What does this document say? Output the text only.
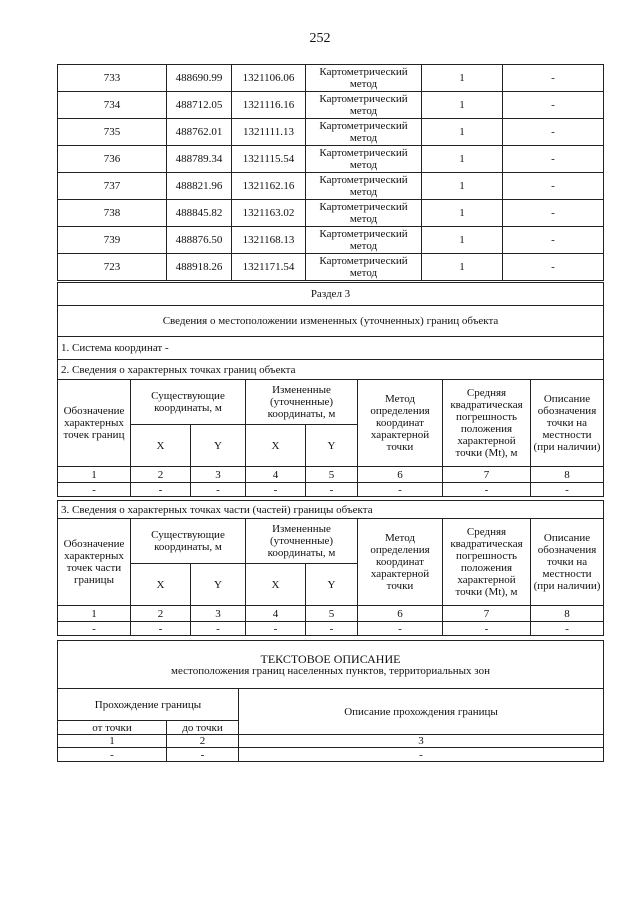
252
733	488690.99	1321106.06	Картометрический метод	1	-
734	488712.05	1321116.16	Картометрический метод	1	-
735	488762.01	1321111.13	Картометрический метод	1	-
736	488789.34	1321115.54	Картометрический метод	1	-
737	488821.96	1321162.16	Картометрический метод	1	-
738	488845.82	1321163.02	Картометрический метод	1	-
739	488876.50	1321168.13	Картометрический метод	1	-
723	488918.26	1321171.54	Картометрический метод	1	-
Раздел 3							
Сведения о местоположении измененных (уточненных) границ объекта							
1. Система координат -							
2. Сведения о характерных точках границ объекта							
Обозначение характерных точек границ	Существующие координаты, м		Измененные (уточненные) координаты, м		Метод определения координат характерной точки	Средняя квадратическая погрешность положения характерной точки (Mt), м	Описание обозначения точки на местности (при наличии)
	X	Y	X	Y			
1	2	3	4	5	6	7	8
-	-	-	-	-	-	-	-
3. Сведения о характерных точках части (частей) границы объекта							
Обозначение характерных точек части границы	Существующие координаты, м		Измененные (уточненные) координаты, м		Метод определения координат характерной точки	Средняя квадратическая погрешность положения характерной точки (Mt), м	Описание обозначения точки на местности (при наличии)
	X	Y	X	Y			
1	2	3	4	5	6	7	8
-	-	-	-	-	-	-	-
ТЕКСТОВОЕ ОПИСАНИЕ
местоположения границ населенных пунктов, территориальных зон		

Прохождение границы		Описание прохождения границы
от точки	до точки	
1	2	3
-	-	-
